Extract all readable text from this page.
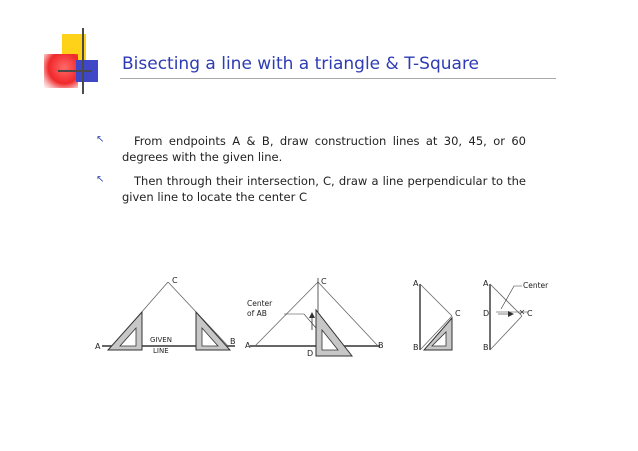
Bisecting a line with a triangle & T-Square
↖	From endpoints A & B, draw construction lines at 30, 45, or 60 degrees with the given line.
↖	Then through their intersection, C, draw a line perpendicular to the given line to locate the center C
A
B
C
GIVEN
LINE
A	B
C
D
Center
of AB
A
B
C
A
B
C
D
Center
